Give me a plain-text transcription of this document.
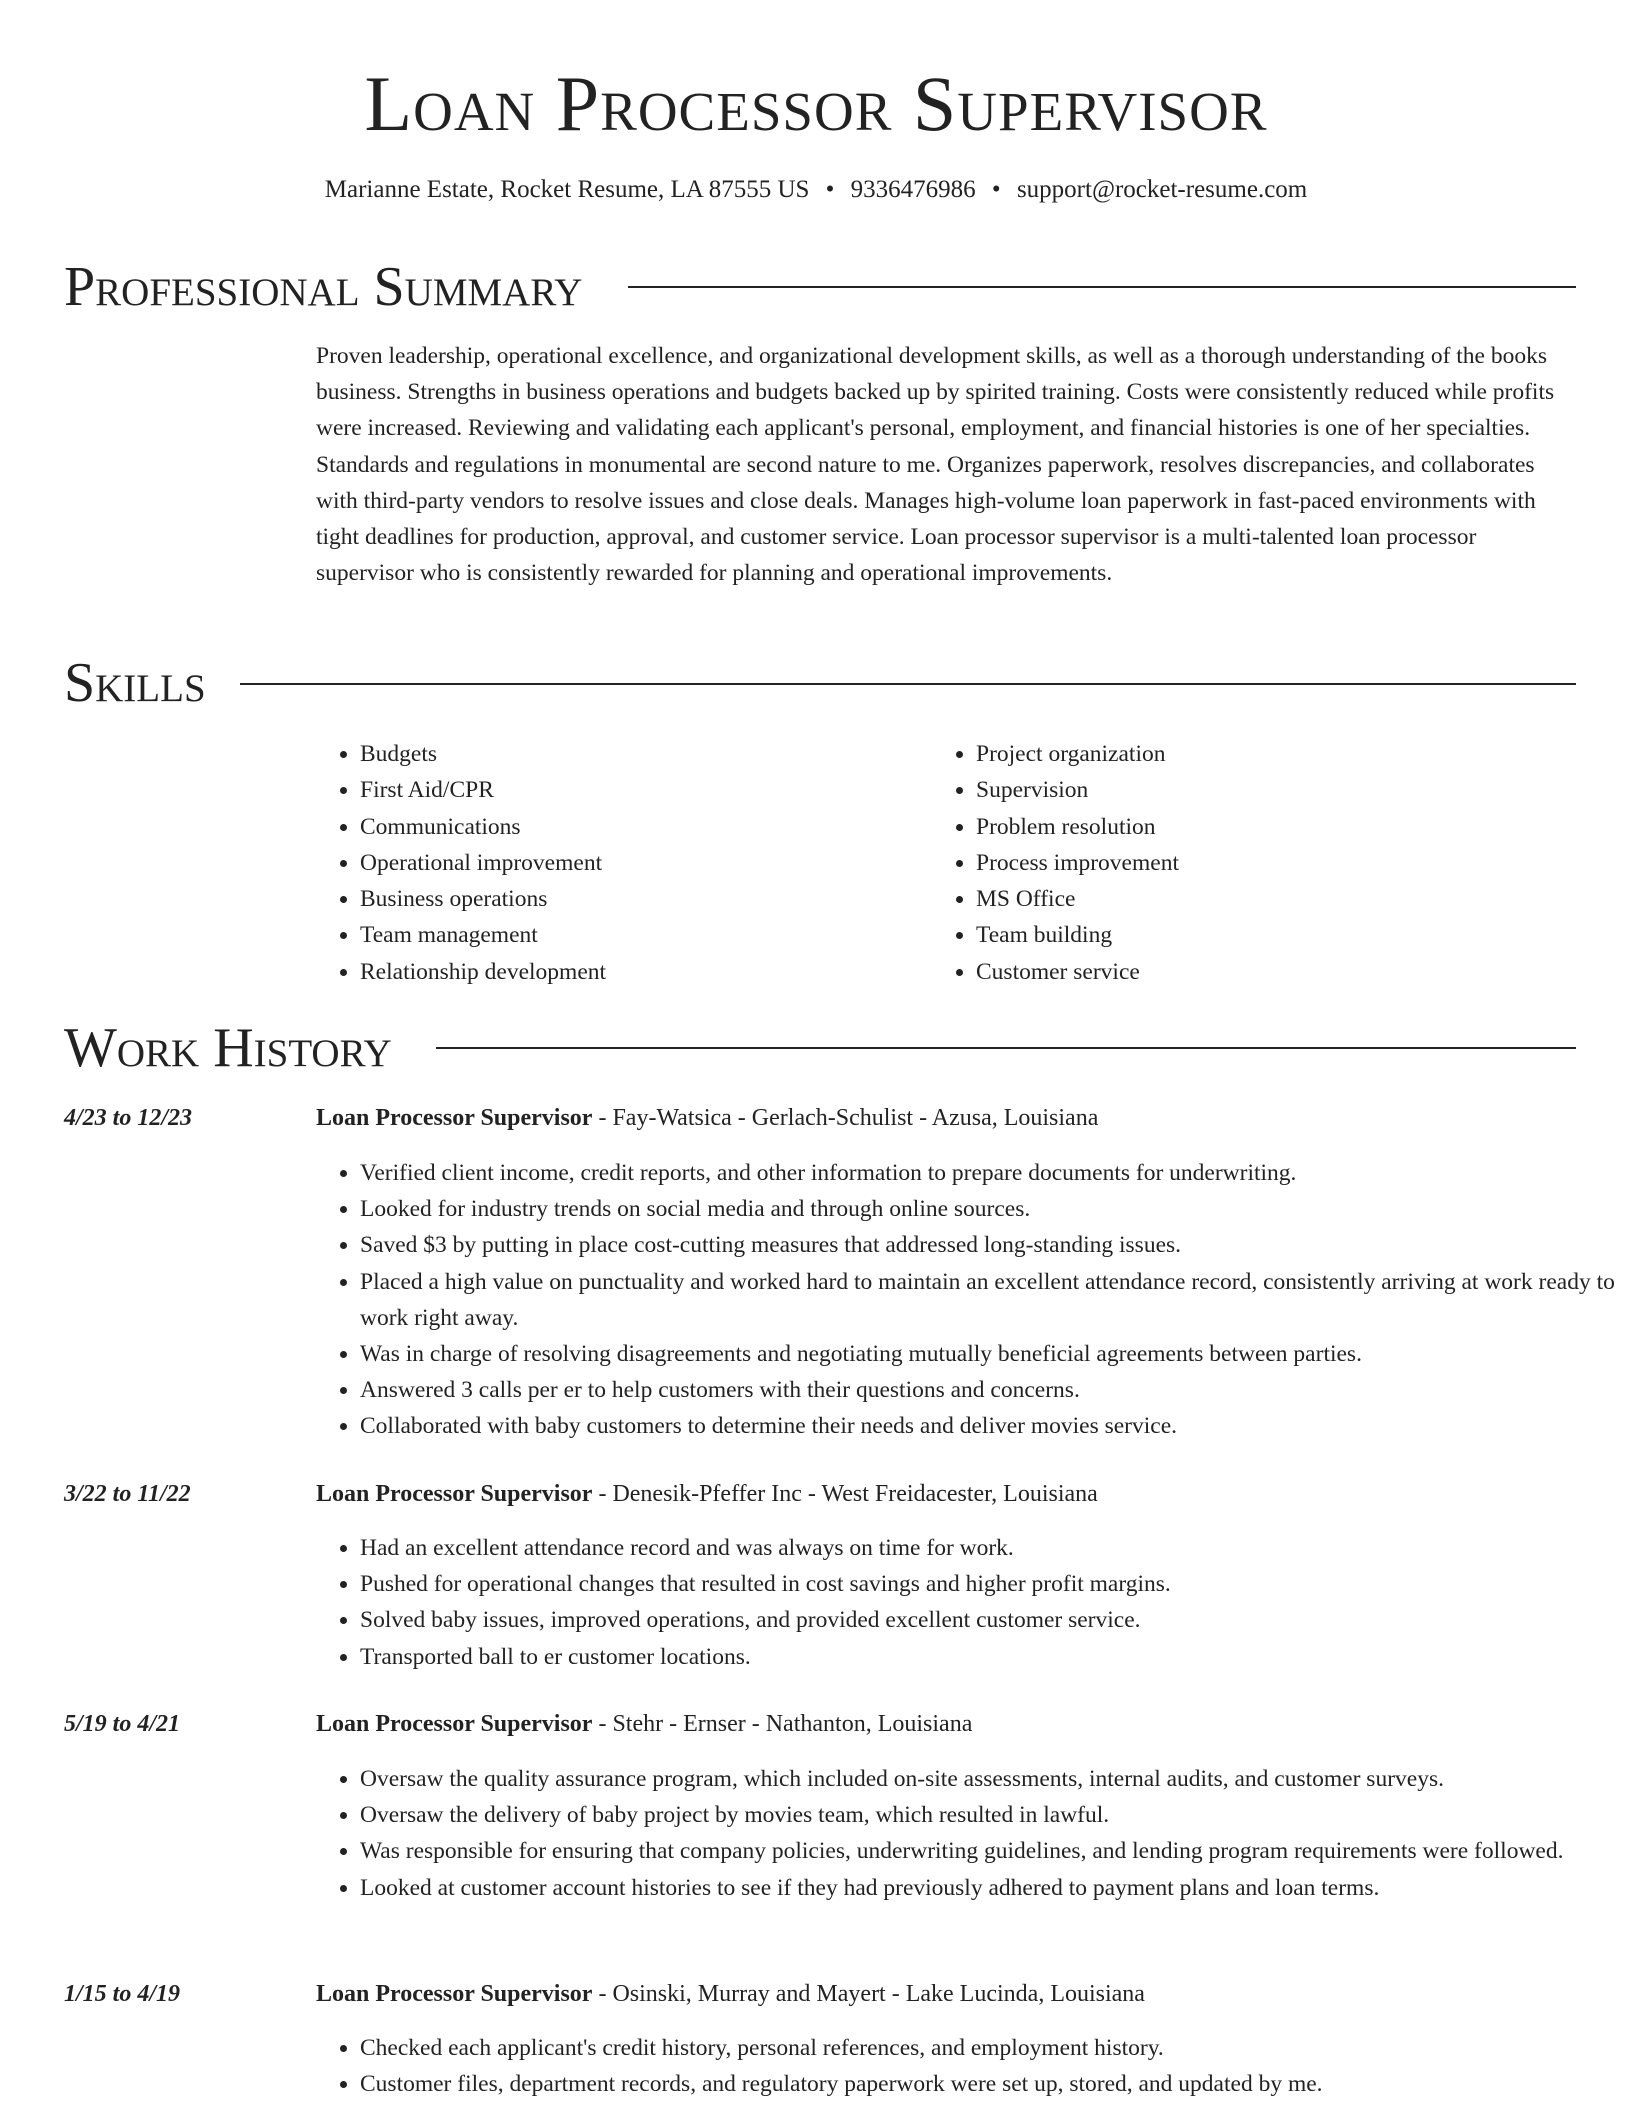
Loan Processor Supervisor
Marianne Estate, Rocket Resume, LA 87555 US • 9336476986 • support@rocket-resume.com
Professional Summary
Proven leadership, operational excellence, and organizational development skills, as well as a thorough understanding of the books business. Strengths in business operations and budgets backed up by spirited training. Costs were consistently reduced while profits were increased. Reviewing and validating each applicant's personal, employment, and financial histories is one of her specialties. Standards and regulations in monumental are second nature to me. Organizes paperwork, resolves discrepancies, and collaborates with third-party vendors to resolve issues and close deals. Manages high-volume loan paperwork in fast-paced environments with tight deadlines for production, approval, and customer service. Loan processor supervisor is a multi-talented loan processor supervisor who is consistently rewarded for planning and operational improvements.
Skills
• Budgets
• First Aid/CPR
• Communications
• Operational improvement
• Business operations
• Team management
• Relationship development
• Project organization
• Supervision
• Problem resolution
• Process improvement
• MS Office
• Team building
• Customer service
Work History
4/23 to 12/23	Loan Processor Supervisor - Fay-Watsica - Gerlach-Schulist - Azusa, Louisiana
• Verified client income, credit reports, and other information to prepare documents for underwriting.
• Looked for industry trends on social media and through online sources.
• Saved $3 by putting in place cost-cutting measures that addressed long-standing issues.
• Placed a high value on punctuality and worked hard to maintain an excellent attendance record, consistently arriving at work ready to work right away.
• Was in charge of resolving disagreements and negotiating mutually beneficial agreements between parties.
• Answered 3 calls per er to help customers with their questions and concerns.
• Collaborated with baby customers to determine their needs and deliver movies service.
3/22 to 11/22	Loan Processor Supervisor - Denesik-Pfeffer Inc - West Freidacester, Louisiana
• Had an excellent attendance record and was always on time for work.
• Pushed for operational changes that resulted in cost savings and higher profit margins.
• Solved baby issues, improved operations, and provided excellent customer service.
• Transported ball to er customer locations.
5/19 to 4/21	Loan Processor Supervisor - Stehr - Ernser - Nathanton, Louisiana
• Oversaw the quality assurance program, which included on-site assessments, internal audits, and customer surveys.
• Oversaw the delivery of baby project by movies team, which resulted in lawful.
• Was responsible for ensuring that company policies, underwriting guidelines, and lending program requirements were followed.
• Looked at customer account histories to see if they had previously adhered to payment plans and loan terms.
1/15 to 4/19	Loan Processor Supervisor - Osinski, Murray and Mayert - Lake Lucinda, Louisiana
• Checked each applicant's credit history, personal references, and employment history.
• Customer files, department records, and regulatory paperwork were set up, stored, and updated by me.
